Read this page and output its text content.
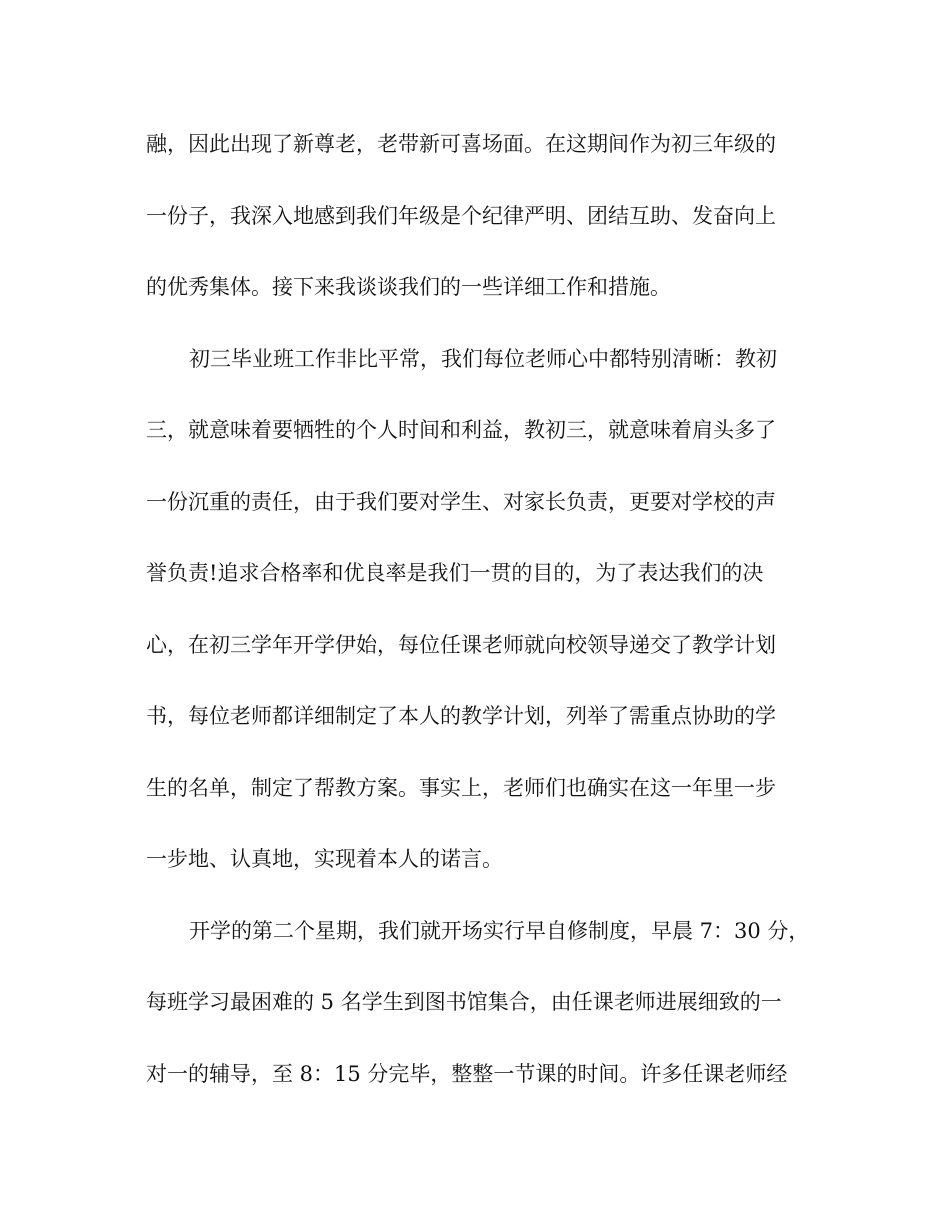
融，因此出现了新尊老，老带新可喜场面。在这期间作为初三年级的
一份子，我深入地感到我们年级是个纪律严明、团结互助、发奋向上
的优秀集体。接下来我谈谈我们的一些详细工作和措施。
初三毕业班工作非比平常，我们每位老师心中都特别清晰：教初
三，就意味着要牺牲的个人时间和利益，教初三，就意味着肩头多了
一份沉重的责任，由于我们要对学生、对家长负责，更要对学校的声
誉负责!追求合格率和优良率是我们一贯的目的，为了表达我们的决
心，在初三学年开学伊始，每位任课老师就向校领导递交了教学计划
书，每位老师都详细制定了本人的教学计划，列举了需重点协助的学
生的名单，制定了帮教方案。事实上，老师们也确实在这一年里一步
一步地、认真地，实现着本人的诺言。
开学的第二个星期，我们就开场实行早自修制度，早晨 7：30 分，
每班学习最困难的 5 名学生到图书馆集合，由任课老师进展细致的一
对一的辅导，至 8：15 分完毕，整整一节课的时间。许多任课老师经
